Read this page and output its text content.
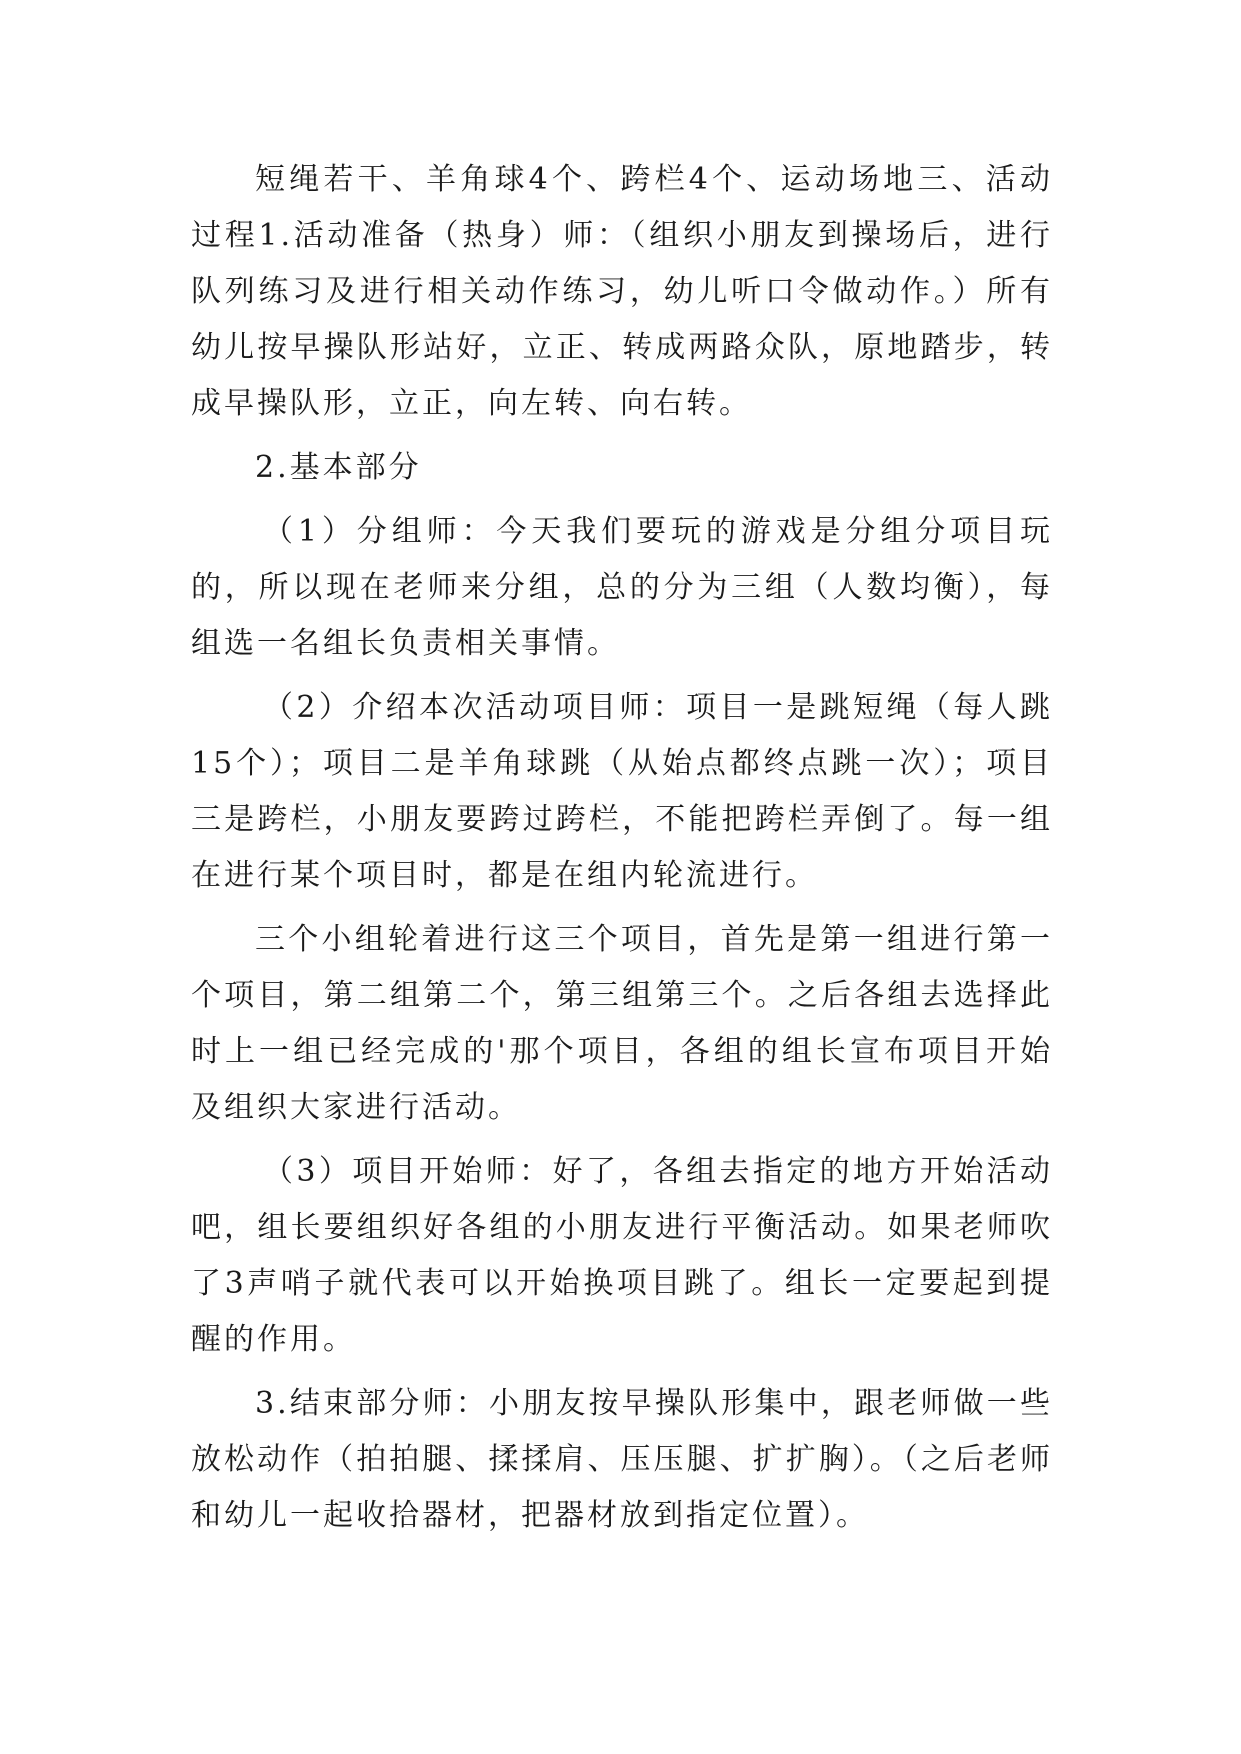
短绳若干、羊角球4个、跨栏4个、运动场地三、活动过程1.活动准备（热身）师：（组织小朋友到操场后，进行队列练习及进行相关动作练习，幼儿听口令做动作。）所有幼儿按早操队形站好，立正、转成两路众队，原地踏步，转成早操队形，立正，向左转、向右转。

2.基本部分

（1）分组师：今天我们要玩的游戏是分组分项目玩的，所以现在老师来分组，总的分为三组（人数均衡），每组选一名组长负责相关事情。

（2）介绍本次活动项目师：项目一是跳短绳（每人跳15个）；项目二是羊角球跳（从始点都终点跳一次）；项目三是跨栏，小朋友要跨过跨栏，不能把跨栏弄倒了。每一组在进行某个项目时，都是在组内轮流进行。

三个小组轮着进行这三个项目，首先是第一组进行第一个项目，第二组第二个，第三组第三个。之后各组去选择此时上一组已经完成的'那个项目，各组的组长宣布项目开始及组织大家进行活动。

（3）项目开始师：好了，各组去指定的地方开始活动吧，组长要组织好各组的小朋友进行平衡活动。如果老师吹了3声哨子就代表可以开始换项目跳了。组长一定要起到提醒的作用。

3.结束部分师：小朋友按早操队形集中，跟老师做一些放松动作（拍拍腿、揉揉肩、压压腿、扩扩胸）。（之后老师和幼儿一起收拾器材，把器材放到指定位置）。
